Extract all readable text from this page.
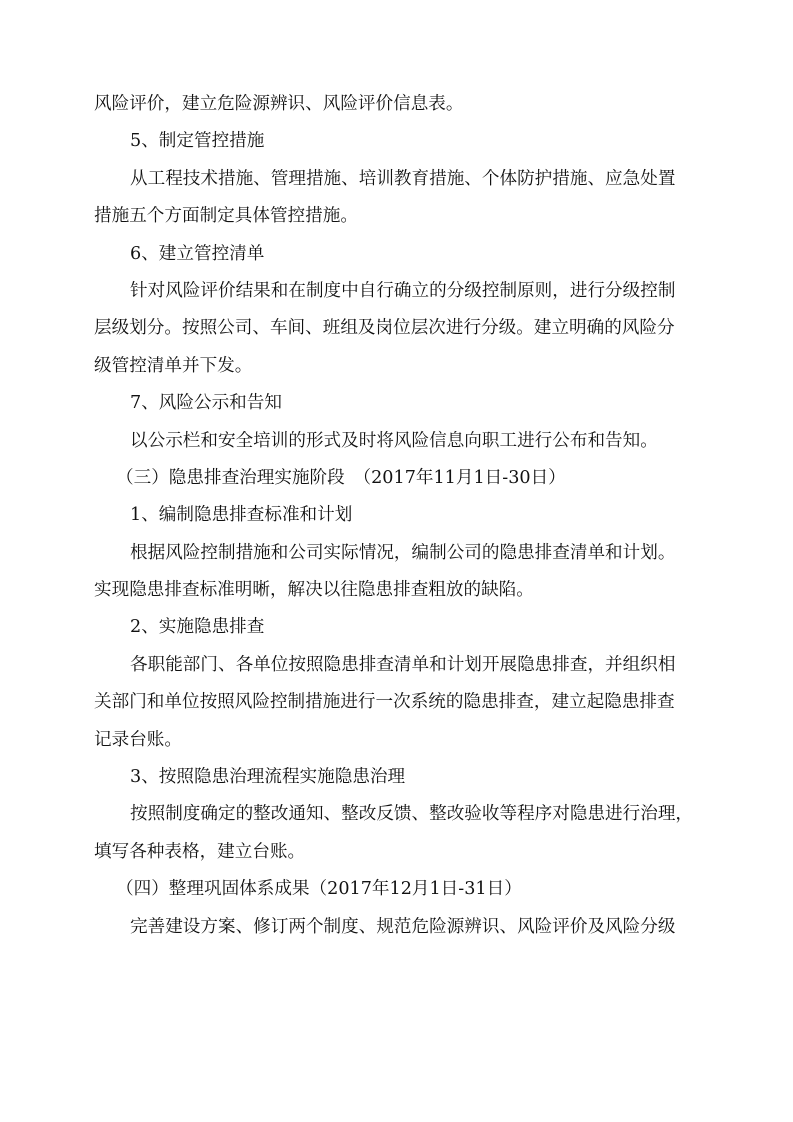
风险评价，建立危险源辨识、风险评价信息表。
5、制定管控措施
从工程技术措施、管理措施、培训教育措施、个体防护措施、应急处置
措施五个方面制定具体管控措施。
6、建立管控清单
针对风险评价结果和在制度中自行确立的分级控制原则，进行分级控制
层级划分。按照公司、车间、班组及岗位层次进行分级。建立明确的风险分
级管控清单并下发。
7、风险公示和告知
以公示栏和安全培训的形式及时将风险信息向职工进行公布和告知。
（三）隐患排查治理实施阶段　（2017年11月1日-30日）
1、编制隐患排查标准和计划
根据风险控制措施和公司实际情况，编制公司的隐患排查清单和计划。
实现隐患排查标准明晰，解决以往隐患排查粗放的缺陷。
2、实施隐患排查
各职能部门、各单位按照隐患排查清单和计划开展隐患排查，并组织相
关部门和单位按照风险控制措施进行一次系统的隐患排查，建立起隐患排查
记录台账。
3、按照隐患治理流程实施隐患治理
按照制度确定的整改通知、整改反馈、整改验收等程序对隐患进行治理，
填写各种表格，建立台账。
（四）整理巩固体系成果（2017年12月1日-31日）
完善建设方案、修订两个制度、规范危险源辨识、风险评价及风险分级
